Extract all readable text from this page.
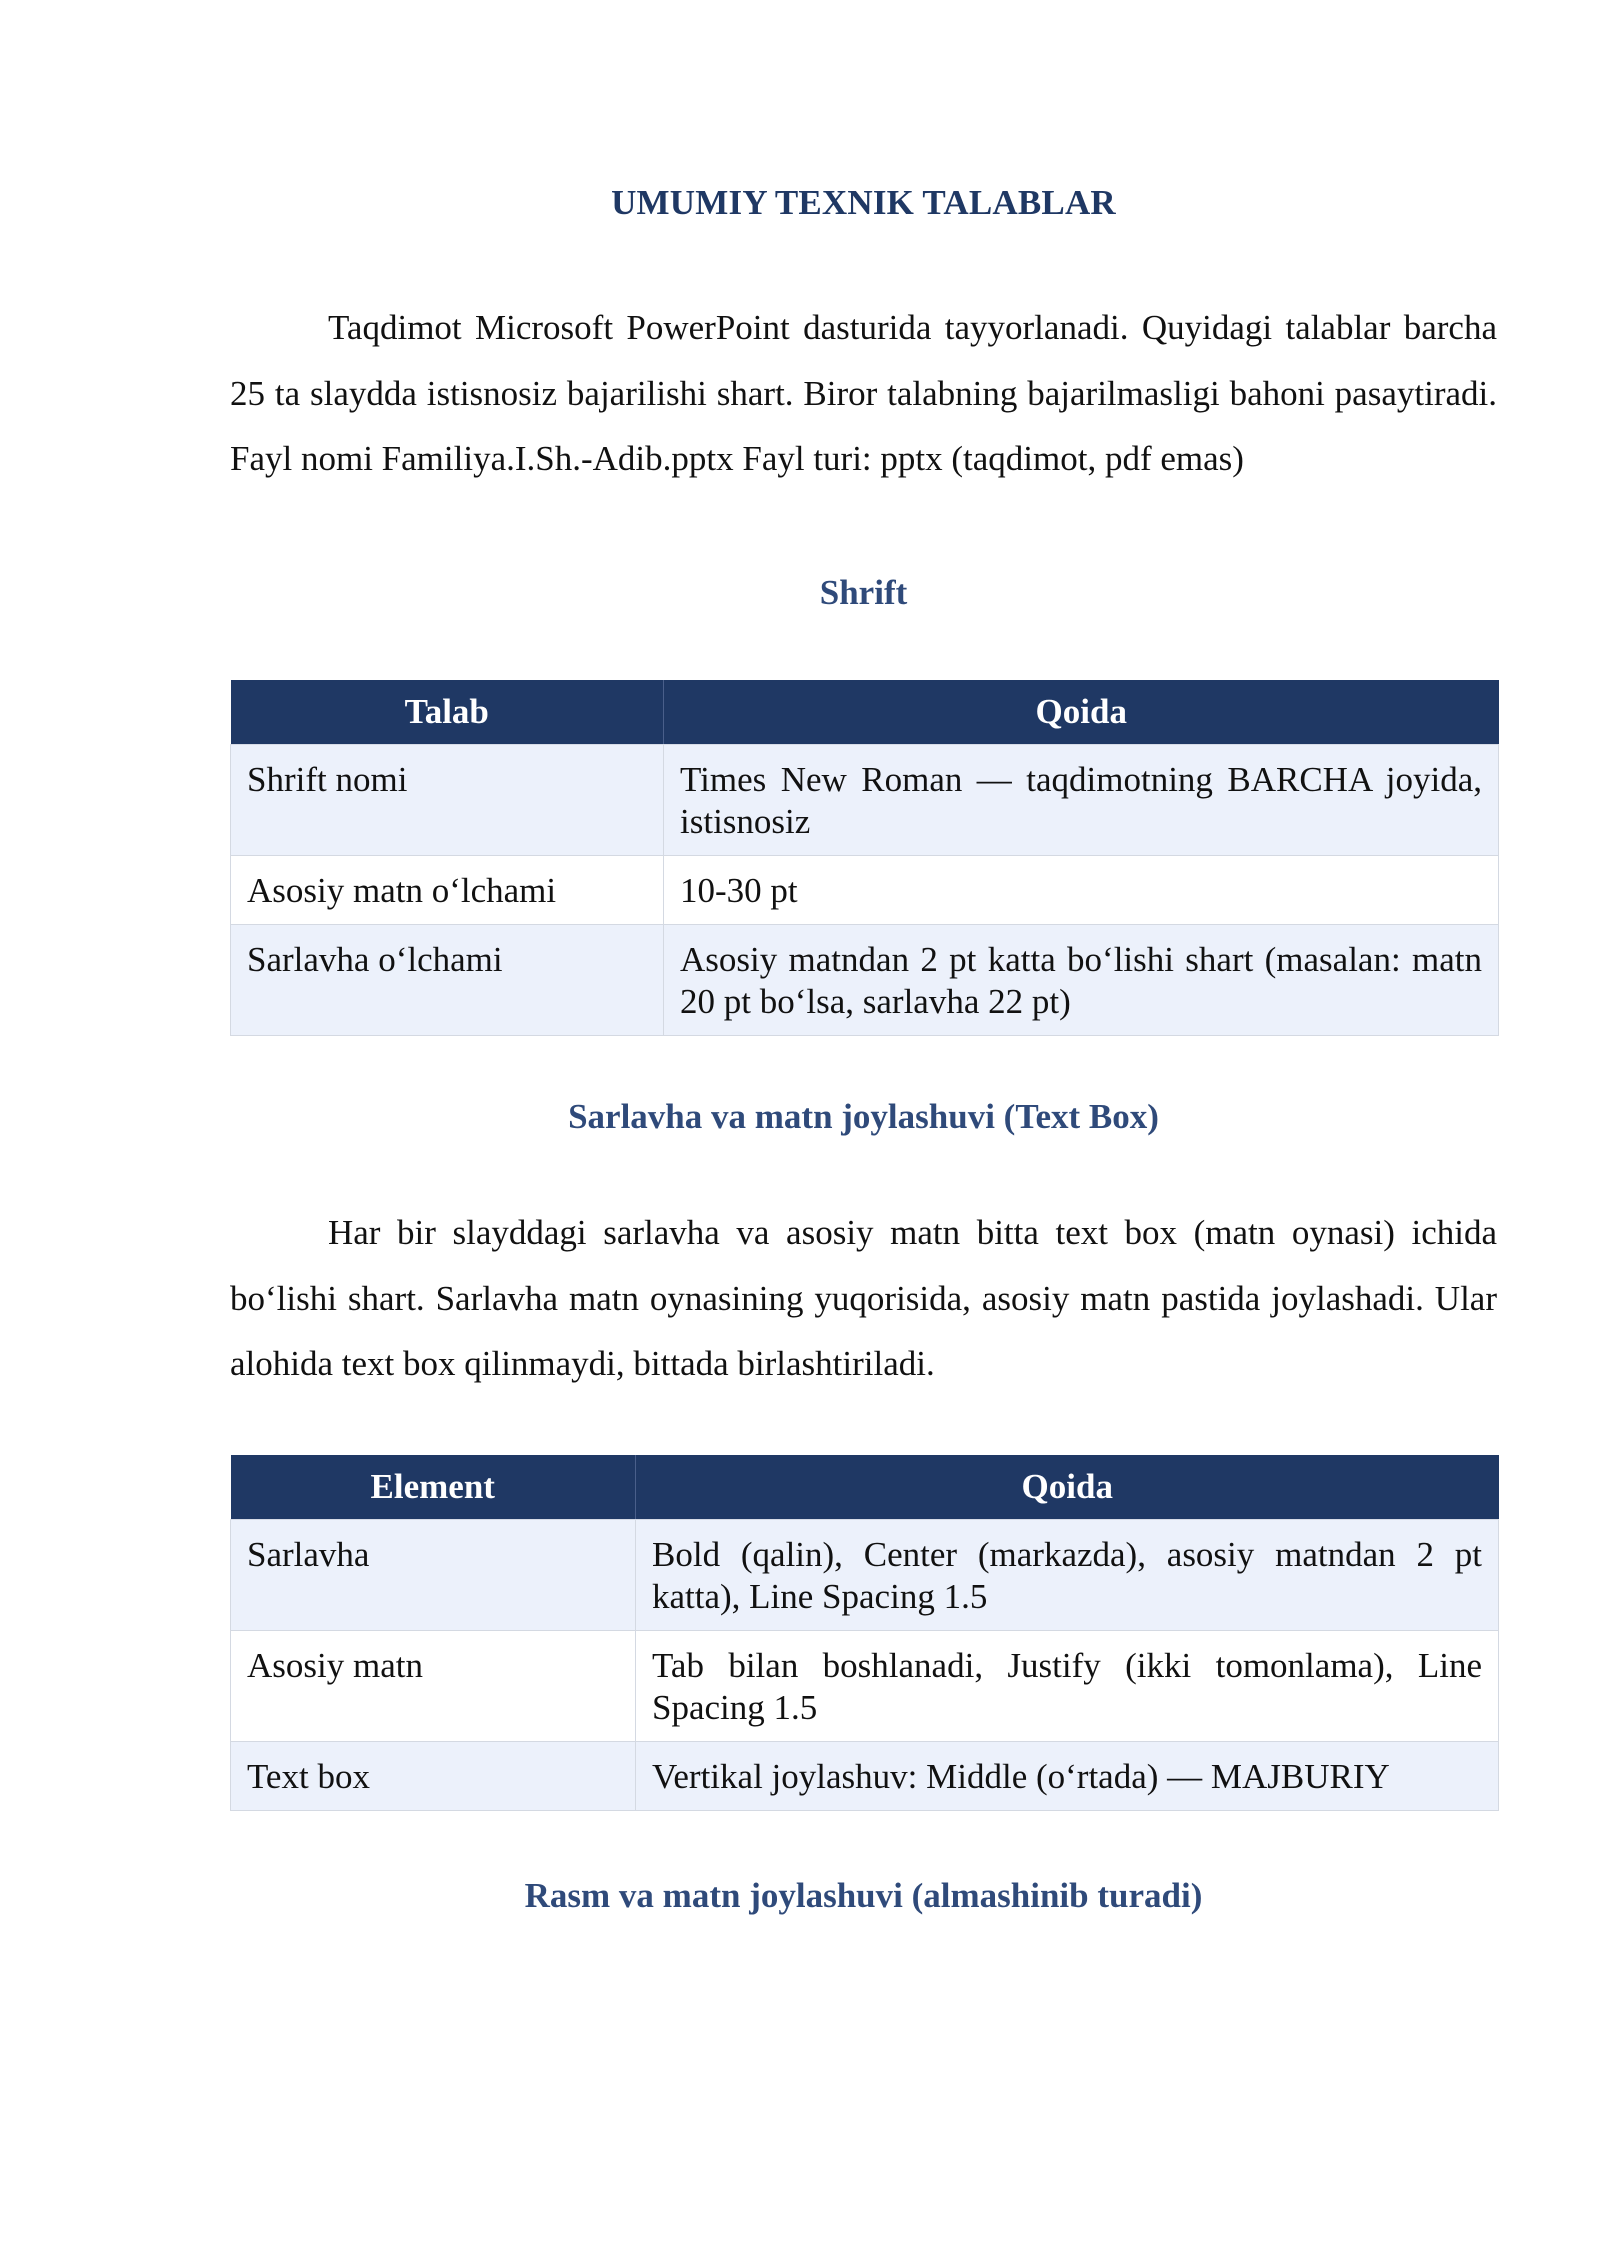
UMUMIY TEXNIK TALABLAR

Taqdimot Microsoft PowerPoint dasturida tayyorlanadi. Quyidagi talablar barcha 25 ta slaydda istisnosiz bajarilishi shart. Biror talabning bajarilmasligi bahoni pasaytiradi. Fayl nomi Familiya.I.Sh.-Adib.pptx Fayl turi: pptx (taqdimot, pdf emas)

Shrift
Talab	Qoida
Shrift nomi	Times New Roman — taqdimotning BARCHA joyida, istisnosiz
Asosiy matn o‘lchami	10-30 pt
Sarlavha o‘lchami	Asosiy matndan 2 pt katta bo‘lishi shart (masalan: matn 20 pt bo‘lsa, sarlavha 22 pt)
Sarlavha va matn joylashuvi (Text Box)

Har bir slayddagi sarlavha va asosiy matn bitta text box (matn oynasi) ichida bo‘lishi shart. Sarlavha matn oynasining yuqorisida, asosiy matn pastida joylashadi. Ular alohida text box qilinmaydi, bittada birlashtiriladi.

Element	Qoida
Sarlavha	Bold (qalin), Center (markazda), asosiy matndan 2 pt katta), Line Spacing 1.5
Asosiy matn	Tab bilan boshlanadi, Justify (ikki tomonlama), Line Spacing 1.5
Text box	Vertikal joylashuv: Middle (o‘rtada) — MAJBURIY
Rasm va matn joylashuvi (almashinib turadi)
